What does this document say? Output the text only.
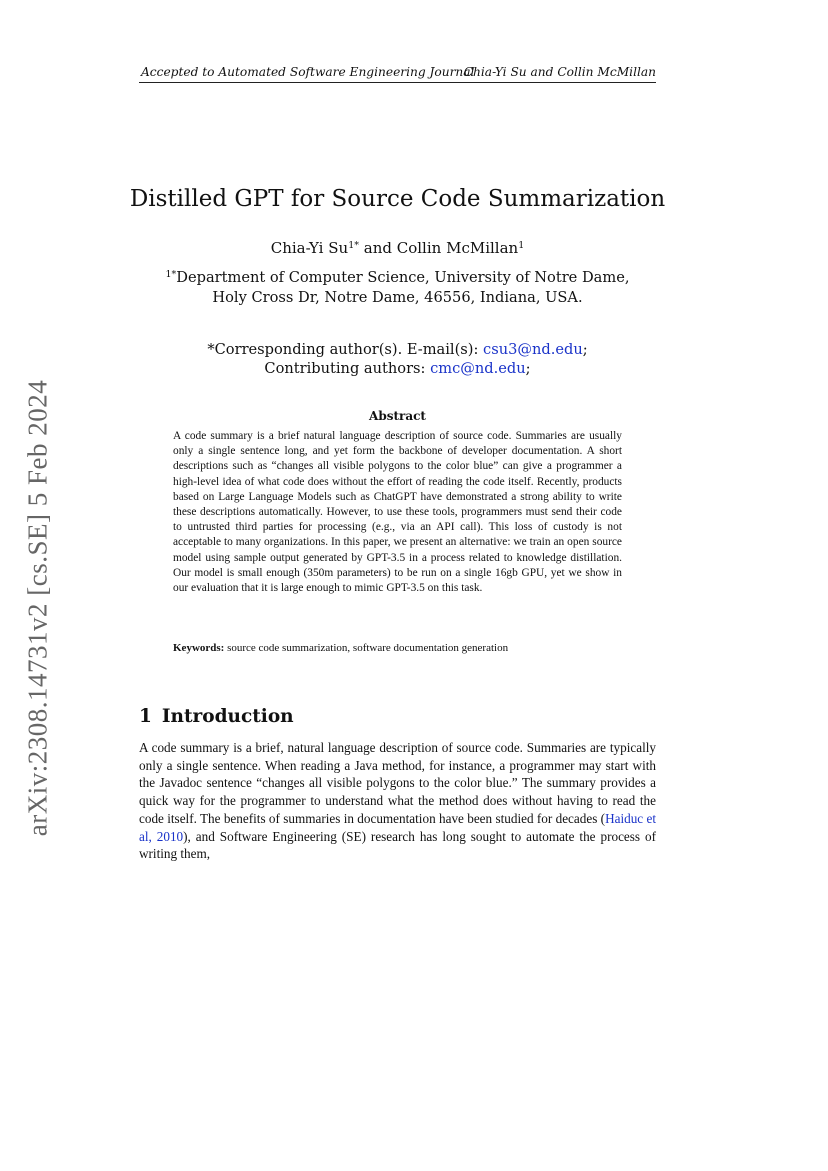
Accepted to Automated Software Engineering Journal
Chia-Yi Su and Collin McMillan
arXiv:2308.14731v2 [cs.SE] 5 Feb 2024
Distilled GPT for Source Code Summarization
Chia-Yi $Su^{1*}$ and Collin McMillan$^1$
$^{1*}$Department of Computer Science, University of Notre Dame,
Holy Cross Dr, Notre Dame, 46556, Indiana, USA.
*Corresponding author(s). E-mail(s): csu3@nd.edu;
Contributing authors: cmc@nd.edu;
Abstract

A code summary is a brief natural language description of source code. Summaries are usually only a single sentence long, and yet form the backbone of developer documentation. A short descriptions such as “changes all visible polygons to the color blue” can give a programmer a high-level idea of what code does without the effort of reading the code itself. Recently, products based on Large Language Models such as ChatGPT have demonstrated a strong ability to write these descriptions automatically. However, to use these tools, programmers must send their code to untrusted third parties for processing (e.g., via an API call). This loss of custody is not acceptable to many organizations. In this paper, we present an alternative: we train an open source model using sample output generated by GPT-3.5 in a process related to knowledge distillation. Our model is small enough (350m parameters) to be run on a single 16gb GPU, yet we show in our evaluation that it is large enough to mimic GPT-3.5 on this task.

Keywords: source code summarization, software documentation generation
1 Introduction

A code summary is a brief, natural language description of source code. Summaries are typically only a single sentence. When reading a Java method, for instance, a programmer may start with the Javadoc sentence “changes all visible polygons to the color blue.” The summary provides a quick way for the programmer to understand what the method does without having to read the code itself. The benefits of summaries in documentation have been studied for decades (Haiduc et al, 2010), and Software Engineering (SE) research has long sought to automate the process of writing them,
